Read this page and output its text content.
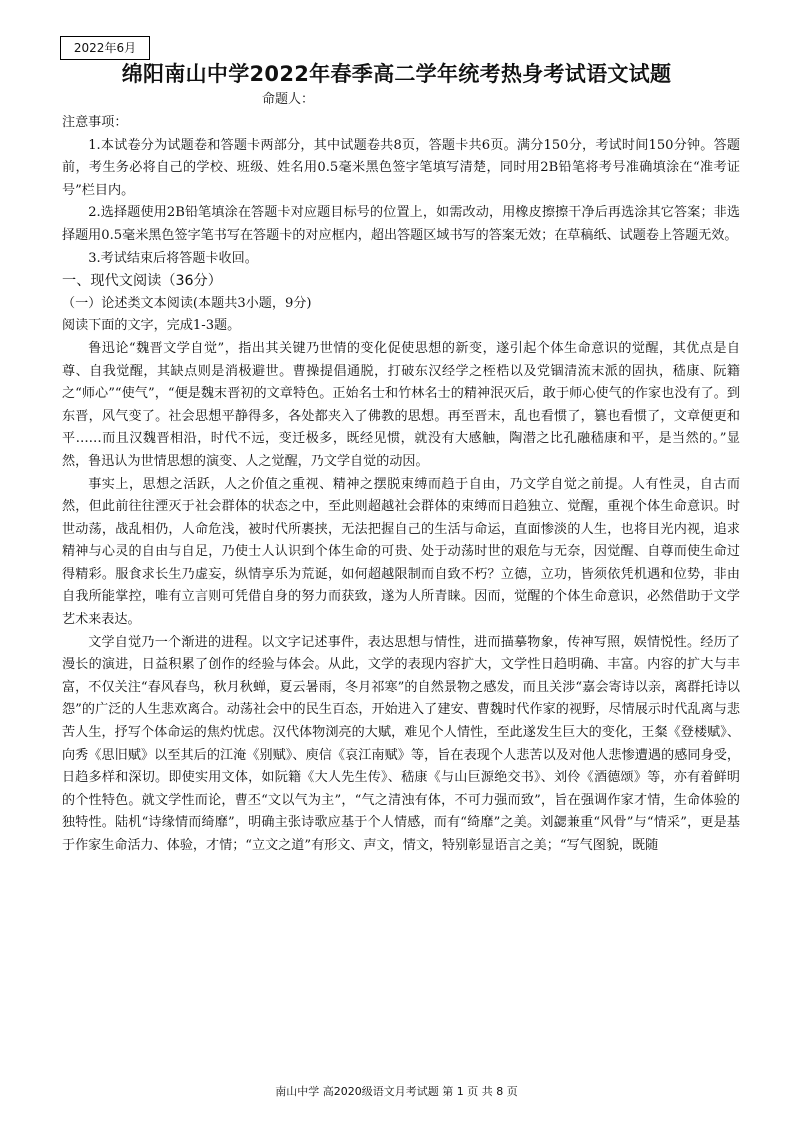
2022年6月
绵阳南山中学2022年春季高二学年统考热身考试语文试题
命题人：

注意事项：

1.本试卷分为试题卷和答题卡两部分，其中试题卷共8页，答题卡共6页。满分150分，考试时间150分钟。答题前，考生务必将自己的学校、班级、姓名用0.5毫米黑色签字笔填写清楚，同时用2B铅笔将考号准确填涂在“准考证号”栏目内。

2.选择题使用2B铅笔填涂在答题卡对应题目标号的位置上，如需改动，用橡皮擦擦干净后再选涂其它答案；非选择题用0.5毫米黑色签字笔书写在答题卡的对应框内，超出答题区域书写的答案无效；在草稿纸、试题卷上答题无效。

3.考试结束后将答题卡收回。

一、现代文阅读（36分）

（一）论述类文本阅读(本题共3小题，9分)

阅读下面的文字，完成1-3题。

鲁迅论“魏晋文学自觉”，指出其关键乃世情的变化促使思想的新变，遂引起个体生命意识的觉醒，其优点是自尊、自我觉醒，其缺点则是消极避世。曹操提倡通脱，打破东汉经学之桎梏以及党锢清流末派的固执，嵇康、阮籍之“师心”“使气”，“便是魏末晋初的文章特色。正始名士和竹林名士的精神泯灭后，敢于师心使气的作家也没有了。到东晋，风气变了。社会思想平静得多，各处都夹入了佛教的思想。再至晋末，乱也看惯了，篡也看惯了，文章便更和平……而且汉魏晋相沿，时代不远，变迁极多，既经见惯，就没有大感触，陶潜之比孔融嵇康和平，是当然的。”显然，鲁迅认为世情思想的演变、人之觉醒，乃文学自觉的动因。

事实上，思想之活跃，人之价值之重视、精神之摆脱束缚而趋于自由，乃文学自觉之前提。人有性灵，自古而然，但此前往往湮灭于社会群体的状态之中，至此则超越社会群体的束缚而日趋独立、觉醒，重视个体生命意识。时世动荡，战乱相仍，人命危浅，被时代所裹挟，无法把握自己的生活与命运，直面惨淡的人生，也将目光内视，追求精神与心灵的自由与自足，乃使士人认识到个体生命的可贵、处于动荡时世的艰危与无奈，因觉醒、自尊而使生命过得精彩。服食求长生乃虚妄，纵情享乐为荒诞，如何超越限制而自致不朽？立德，立功，皆须依凭机遇和位势，非由自我所能掌控，唯有立言则可凭借自身的努力而获致，遂为人所青睐。因而，觉醒的个体生命意识，必然借助于文学艺术来表达。

文学自觉乃一个渐进的进程。以文字记述事件，表达思想与情性，进而描摹物象，传神写照，娱情悦性。经历了漫长的演进，日益积累了创作的经验与体会。从此，文学的表现内容扩大，文学性日趋明确、丰富。内容的扩大与丰富，不仅关注“春风春鸟，秋月秋蝉，夏云暑雨，冬月祁寒”的自然景物之感发，而且关涉“嘉会寄诗以亲，离群托诗以怨”的广泛的人生悲欢离合。动荡社会中的民生百态，开始进入了建安、曹魏时代作家的视野，尽情展示时代乱离与悲苦人生，抒写个体命运的焦灼忧虑。汉代体物浏亮的大赋，难见个人情性，至此遂发生巨大的变化，王粲《登楼赋》、向秀《思旧赋》以至其后的江淹《别赋》、庾信《哀江南赋》等，旨在表现个人悲苦以及对他人悲惨遭遇的感同身受，日趋多样和深切。即使实用文体，如阮籍《大人先生传》、嵇康《与山巨源绝交书》、刘伶《酒德颂》等，亦有着鲜明的个性特色。就文学性而论，曹丕“文以气为主”，“气之清浊有体，不可力强而致”，旨在强调作家才情，生命体验的独特性。陆机“诗缘情而绮靡”，明确主张诗歌应基于个人情感，而有“绮靡”之美。刘勰兼重“风骨”与“情采”，更是基于作家生命活力、体验，才情；“立文之道”有形文、声文，情文，特别彰显语言之美；“写气图貌，既随

南山中学 高2020级语文月考试题 第 1 页 共 8 页
